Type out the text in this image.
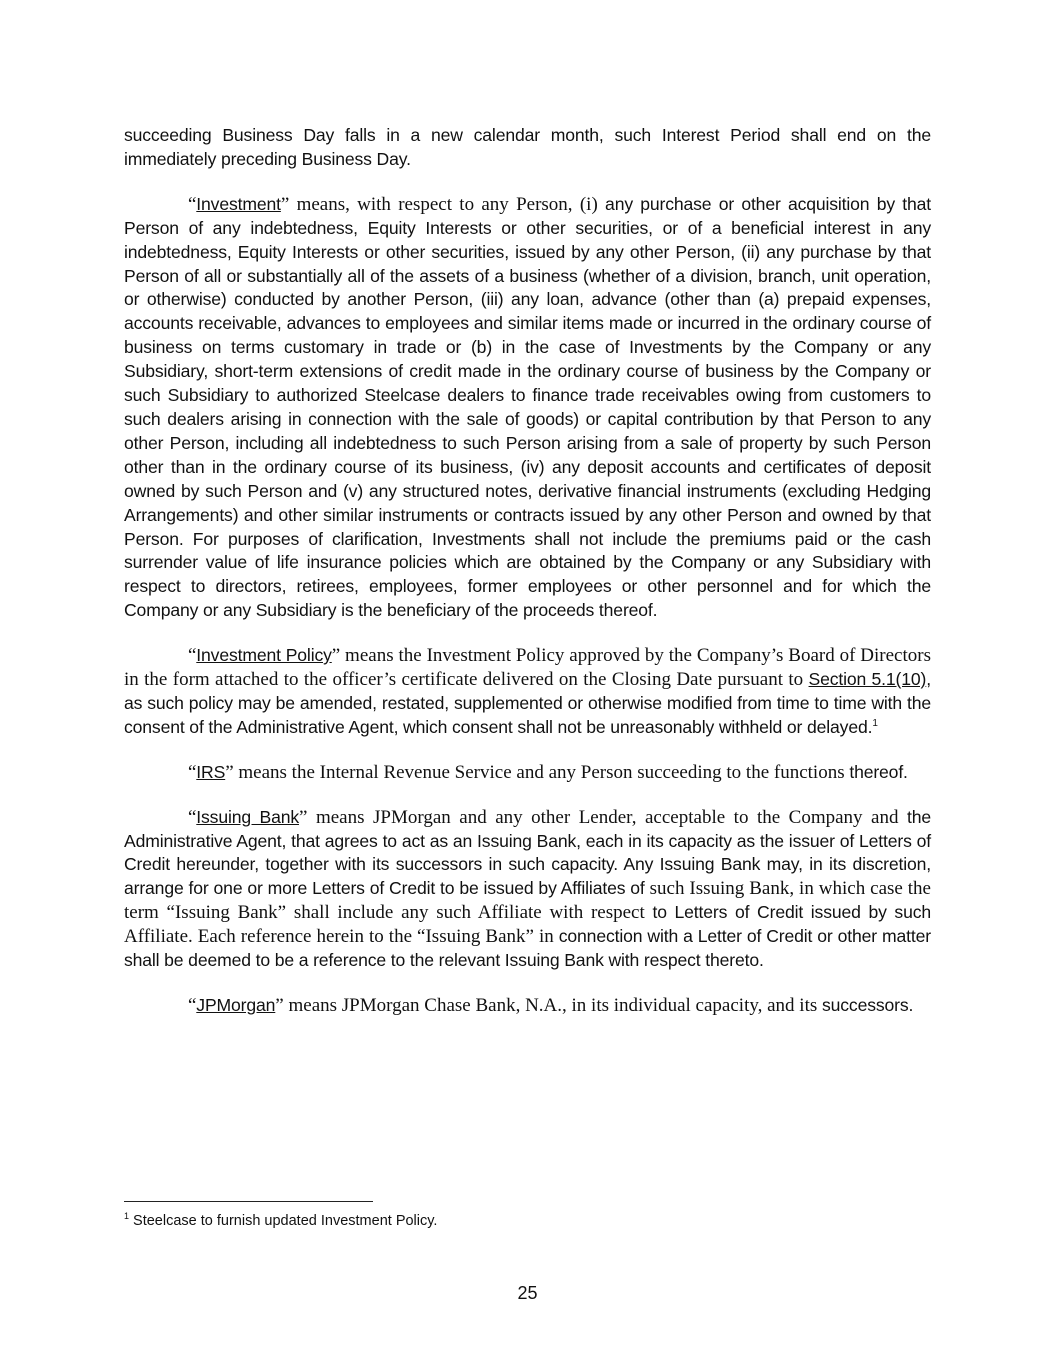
succeeding Business Day falls in a new calendar month, such Interest Period shall end on the immediately preceding Business Day.

“Investment” means, with respect to any Person, (i) any purchase or other acquisition by that Person of any indebtedness, Equity Interests or other securities, or of a beneficial interest in any indebtedness, Equity Interests or other securities, issued by any other Person, (ii) any purchase by that Person of all or substantially all of the assets of a business (whether of a division, branch, unit operation, or otherwise) conducted by another Person, (iii) any loan, advance (other than (a) prepaid expenses, accounts receivable, advances to employees and similar items made or incurred in the ordinary course of business on terms customary in trade or (b) in the case of Investments by the Company or any Subsidiary, short-term extensions of credit made in the ordinary course of business by the Company or such Subsidiary to authorized Steelcase dealers to finance trade receivables owing from customers to such dealers arising in connection with the sale of goods) or capital contribution by that Person to any other Person, including all indebtedness to such Person arising from a sale of property by such Person other than in the ordinary course of its business, (iv) any deposit accounts and certificates of deposit owned by such Person and (v) any structured notes, derivative financial instruments (excluding Hedging Arrangements) and other similar instruments or contracts issued by any other Person and owned by that Person. For purposes of clarification, Investments shall not include the premiums paid or the cash surrender value of life insurance policies which are obtained by the Company or any Subsidiary with respect to directors, retirees, employees, former employees or other personnel and for which the Company or any Subsidiary is the beneficiary of the proceeds thereof.

“Investment Policy” means the Investment Policy approved by the Company’s Board of Directors in the form attached to the officer’s certificate delivered on the Closing Date pursuant to Section 5.1(10), as such policy may be amended, restated, supplemented or otherwise modified from time to time with the consent of the Administrative Agent, which consent shall not be unreasonably withheld or delayed.$^1$

“IRS” means the Internal Revenue Service and any Person succeeding to the functions thereof.

“Issuing Bank” means JPMorgan and any other Lender, acceptable to the Company and the Administrative Agent, that agrees to act as an Issuing Bank, each in its capacity as the issuer of Letters of Credit hereunder, together with its successors in such capacity. Any Issuing Bank may, in its discretion, arrange for one or more Letters of Credit to be issued by Affiliates of such Issuing Bank, in which case the term “Issuing Bank” shall include any such Affiliate with respect to Letters of Credit issued by such Affiliate. Each reference herein to the “Issuing Bank” in connection with a Letter of Credit or other matter shall be deemed to be a reference to the relevant Issuing Bank with respect thereto.

“JPMorgan” means JPMorgan Chase Bank, N.A., in its individual capacity, and its successors.

$^1$ Steelcase to furnish updated Investment Policy.
25
